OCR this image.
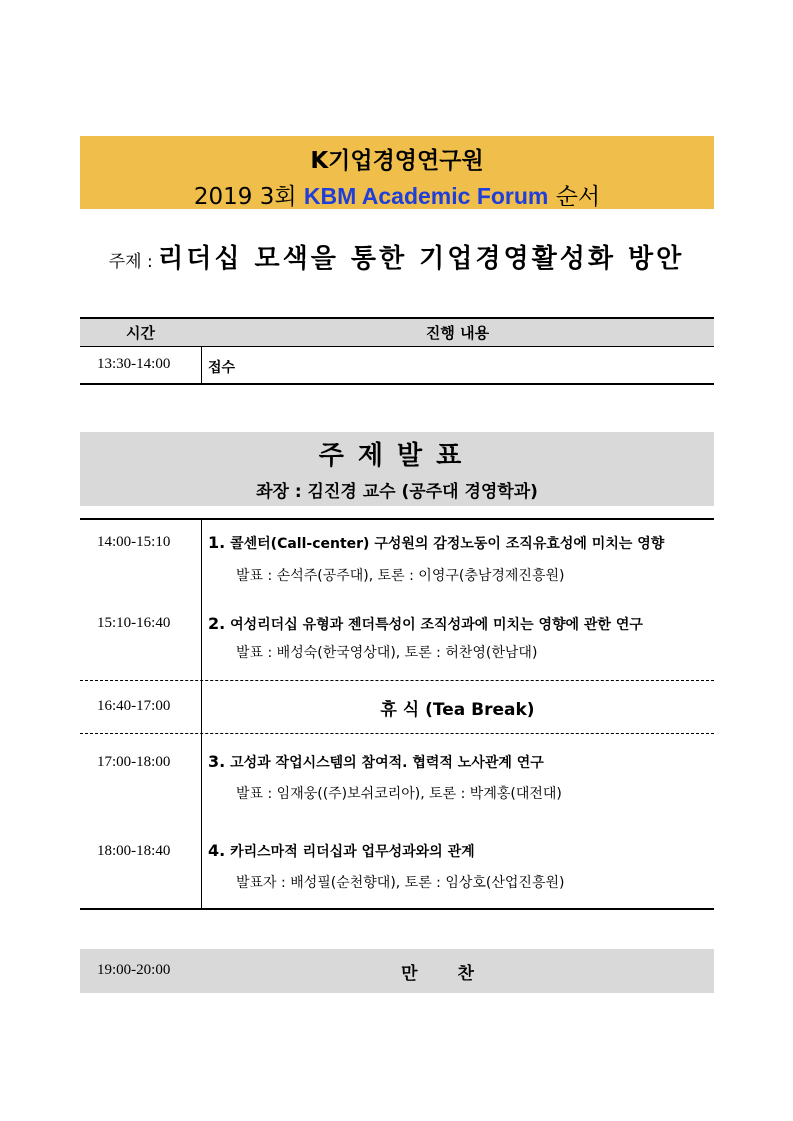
K기업경영연구원
2019 3회 KBM Academic Forum 순서
주제 : 리더십 모색을 통한 기업경영활성화 방안
시간	진행 내용
13:30-14:00	접수
주제발표
좌장 : 김진경 교수 (공주대 경영학과)
14:00-15:10 1. 콜센터(Call-center) 구성원의 감정노동이 조직유효성에 미치는 영향
발표 : 손석주(공주대), 토론 : 이영구(충남경제진흥원)
15:10-16:40 2. 여성리더십 유형과 젠더특성이 조직성과에 미치는 영향에 관한 연구
발표 : 배성숙(한국영상대), 토론 : 허찬영(한남대)
16:40-17:00	휴 식 (Tea Break)
17:00-18:00 3. 고성과 작업시스템의 참여적. 협력적 노사관계 연구
발표 : 임재웅((주)보쉬코리아), 토론 : 박계홍(대전대)
18:00-18:40 4. 카리스마적 리더십과 업무성과와의 관계
발표자 : 배성필(순천향대), 토론 : 임상호(산업진흥원)
19:00-20:00	만찬
